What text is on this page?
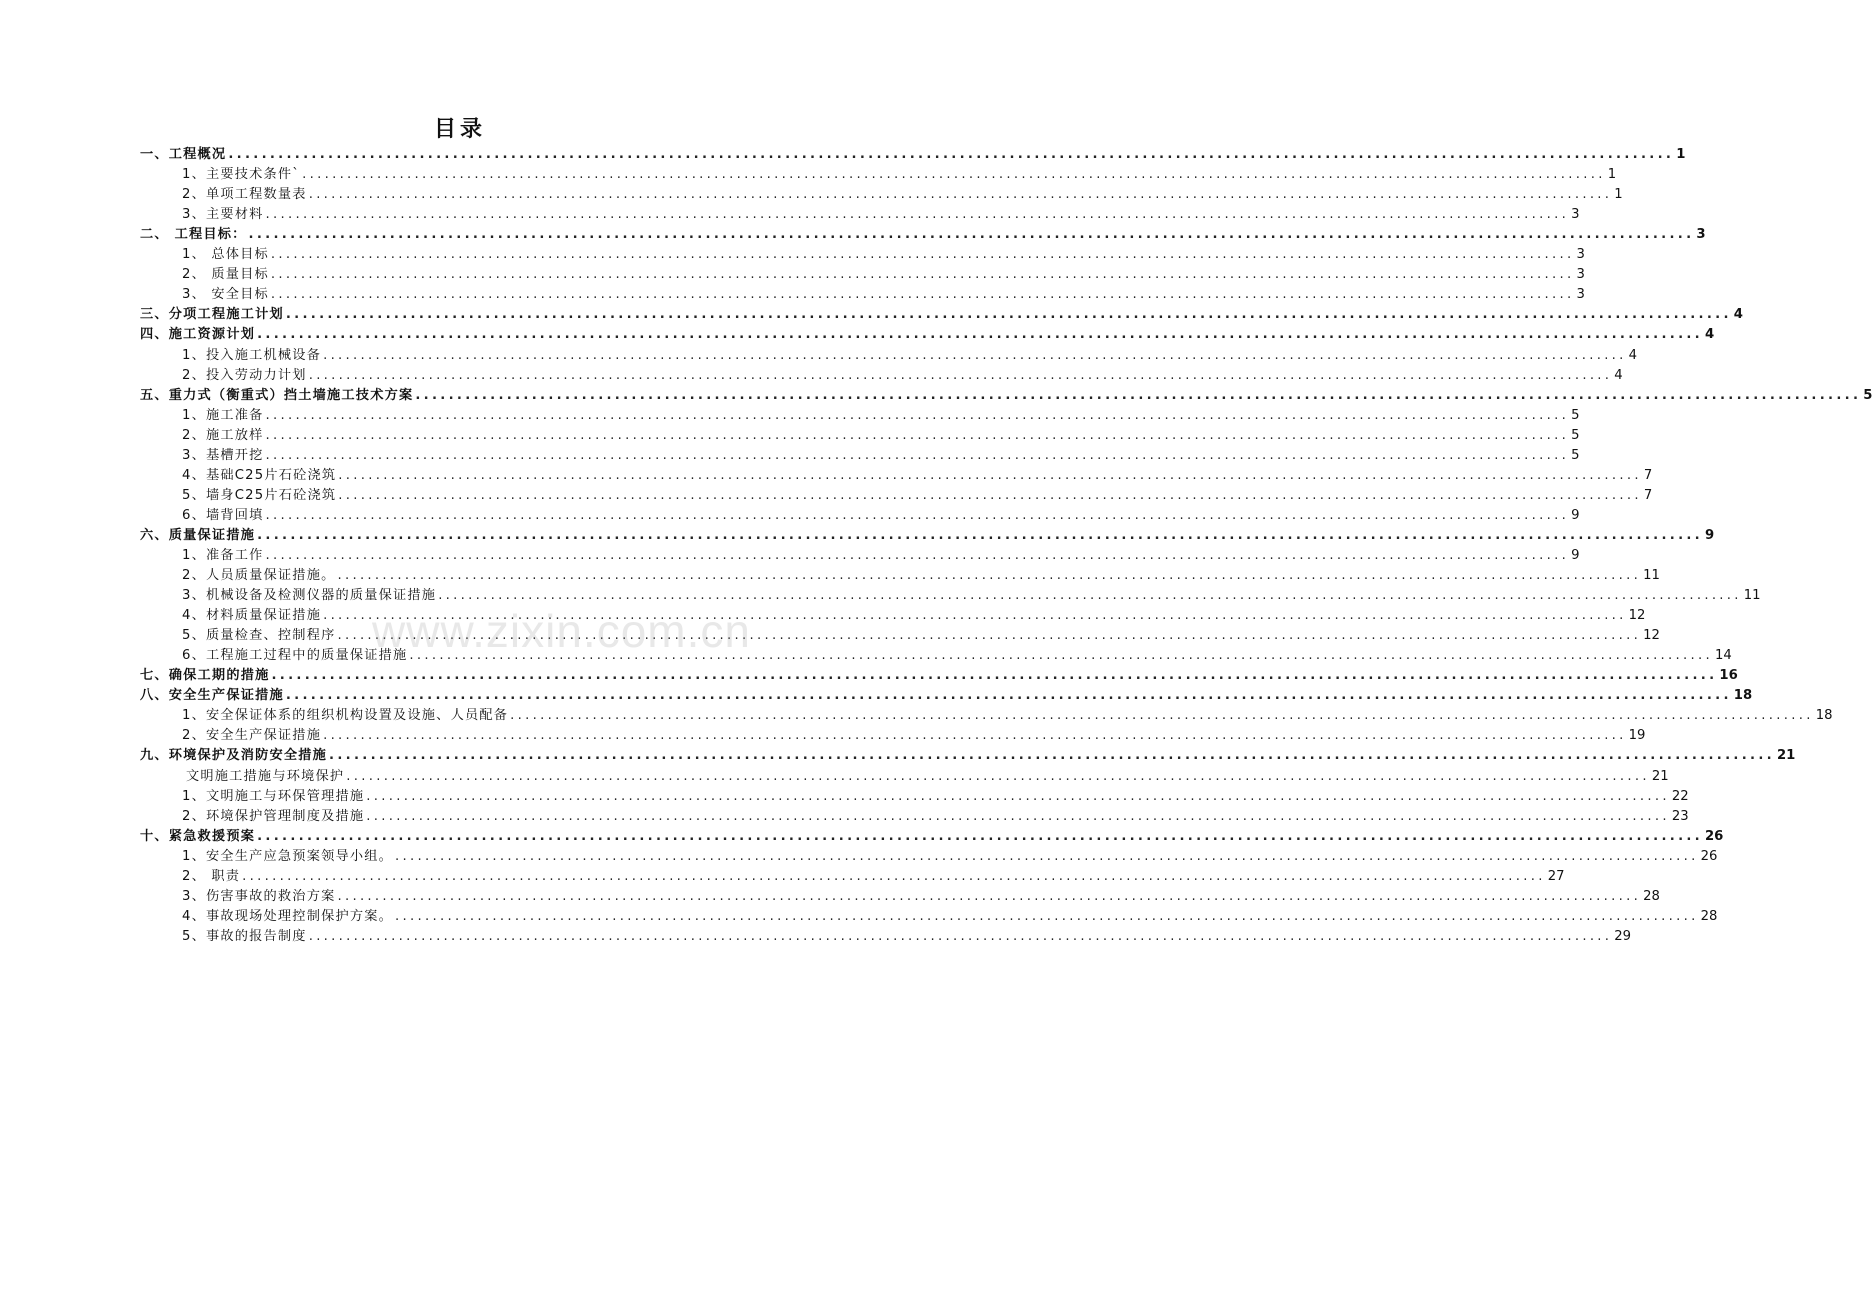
目录
一、工程概况 .............................................................................................................................................................................. 1
1、主要技术条件` .............................................................................................................................................................................. 1
2、单项工程数量表 .............................................................................................................................................................................. 1
3、主要材料 .............................................................................................................................................................................. 3
二、 工程目标： .............................................................................................................................................................................. 3
1、 总体目标 .............................................................................................................................................................................. 3
2、 质量目标 .............................................................................................................................................................................. 3
3、 安全目标 .............................................................................................................................................................................. 3
三、分项工程施工计划 .............................................................................................................................................................................. 4
四、施工资源计划 .............................................................................................................................................................................. 4
1、投入施工机械设备 .............................................................................................................................................................................. 4
2、投入劳动力计划 .............................................................................................................................................................................. 4
五、重力式（衡重式）挡土墙施工技术方案 .............................................................................................................................................................................. 5
1、施工准备 .............................................................................................................................................................................. 5
2、施工放样 .............................................................................................................................................................................. 5
3、基槽开挖 .............................................................................................................................................................................. 5
4、基础C25片石砼浇筑 .............................................................................................................................................................................. 7
5、墙身C25片石砼浇筑 .............................................................................................................................................................................. 7
6、墙背回填 .............................................................................................................................................................................. 9
六、质量保证措施 .............................................................................................................................................................................. 9
1、准备工作 .............................................................................................................................................................................. 9
2、人员质量保证措施。 .............................................................................................................................................................................. 11
3、机械设备及检测仪器的质量保证措施 .............................................................................................................................................................................. 11
4、材料质量保证措施 .............................................................................................................................................................................. 12
5、质量检查、控制程序 .............................................................................................................................................................................. 12
6、工程施工过程中的质量保证措施 .............................................................................................................................................................................. 14
七、确保工期的措施 .............................................................................................................................................................................. 16
八、安全生产保证措施 .............................................................................................................................................................................. 18
1、安全保证体系的组织机构设置及设施、人员配备 .............................................................................................................................................................................. 18
2、安全生产保证措施 .............................................................................................................................................................................. 19
九、环境保护及消防安全措施 .............................................................................................................................................................................. 21
文明施工措施与环境保护 .............................................................................................................................................................................. 21
1、文明施工与环保管理措施 .............................................................................................................................................................................. 22
2、环境保护管理制度及措施 .............................................................................................................................................................................. 23
十、紧急救援预案 .............................................................................................................................................................................. 26
1、安全生产应急预案领导小组。 .............................................................................................................................................................................. 26
2、 职责 .............................................................................................................................................................................. 27
3、伤害事故的救治方案 .............................................................................................................................................................................. 28
4、事故现场处理控制保护方案。 .............................................................................................................................................................................. 28
5、事故的报告制度 .............................................................................................................................................................................. 29
www.zixin.com.cn
